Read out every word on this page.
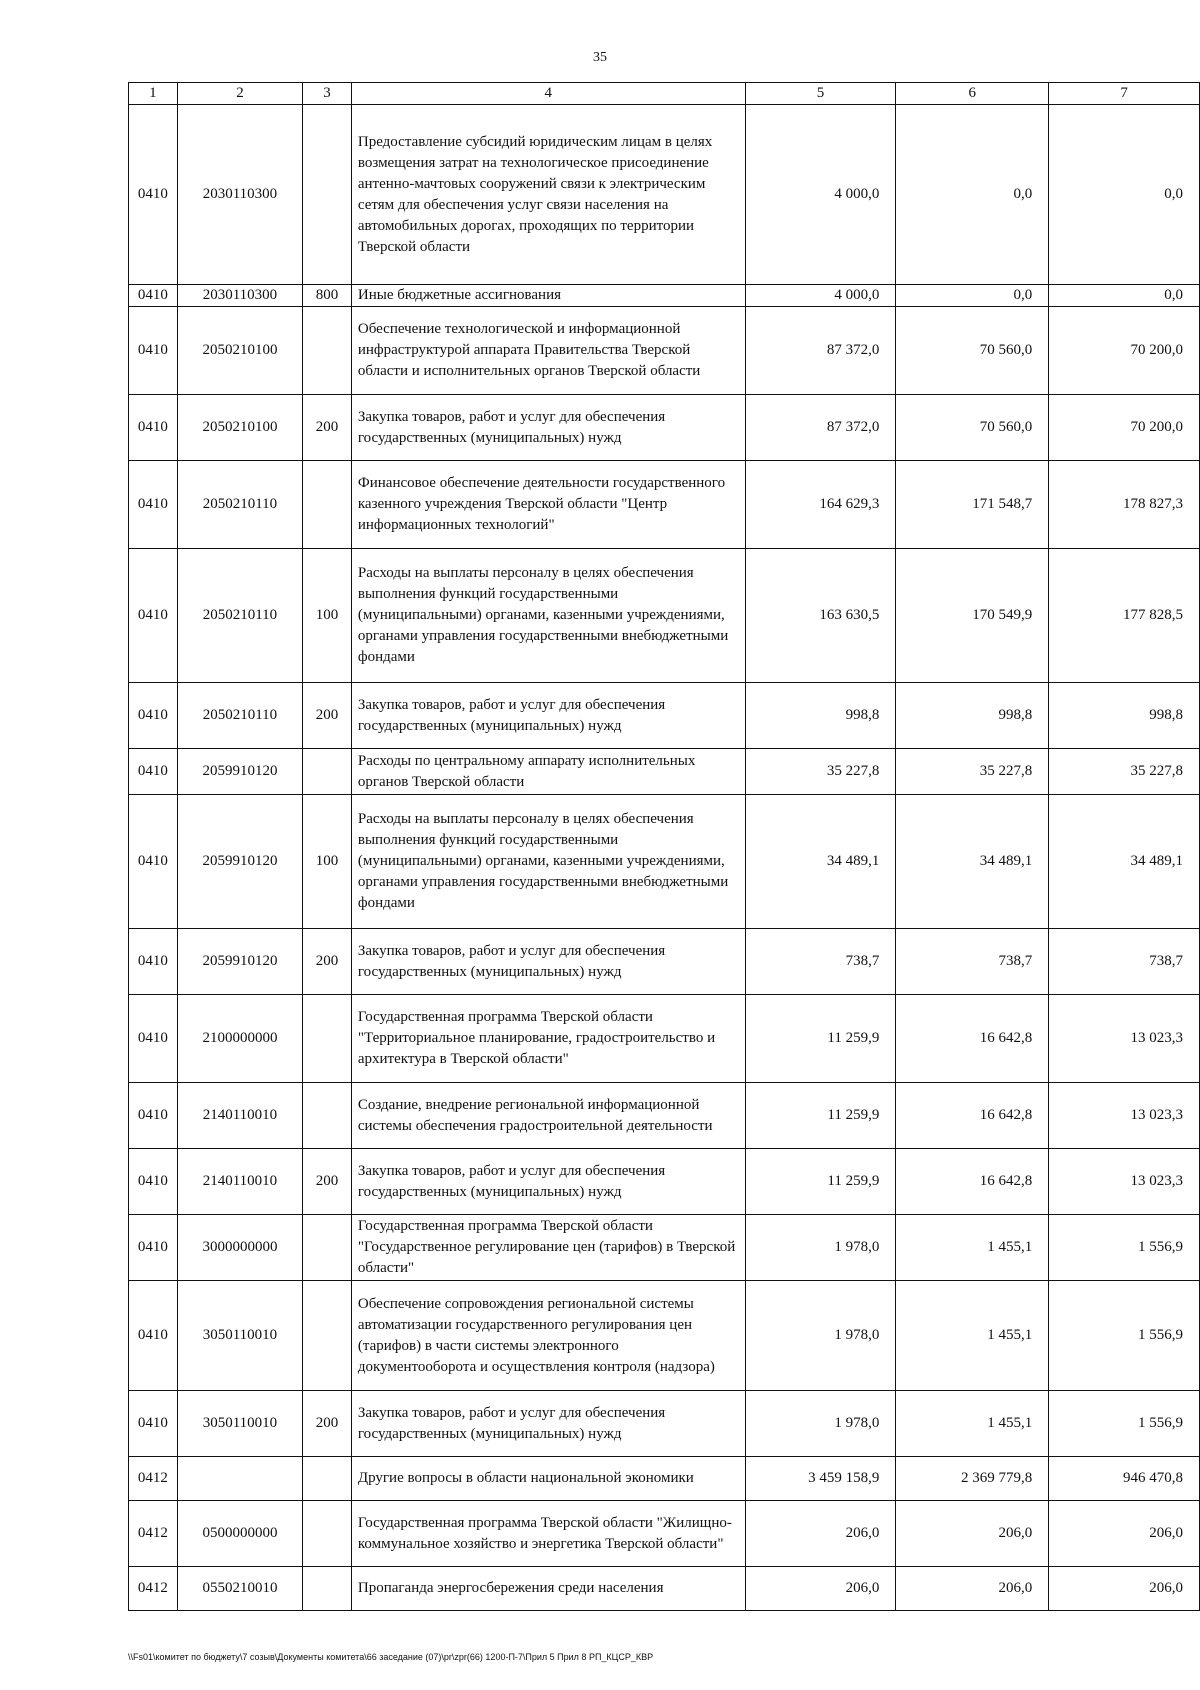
35
1	2	3	4	5	6	7
0410	2030110300		Предоставление субсидий юридическим лицам в целях возмещения затрат на технологическое присоединение антенно-мачтовых сооружений связи к электрическим сетям для обеспечения услуг связи населения на автомобильных дорогах, проходящих по территории Тверской области	4 000,0	0,0	0,0
0410	2030110300	800	Иные бюджетные ассигнования	4 000,0	0,0	0,0
0410	2050210100		Обеспечение технологической и информационной инфраструктурой аппарата Правительства Тверской области и исполнительных органов Тверской области	87 372,0	70 560,0	70 200,0
0410	2050210100	200	Закупка товаров, работ и услуг для обеспечения государственных (муниципальных) нужд	87 372,0	70 560,0	70 200,0
0410	2050210110		Финансовое обеспечение деятельности государственного казенного учреждения Тверской области "Центр информационных технологий"	164 629,3	171 548,7	178 827,3
0410	2050210110	100	Расходы на выплаты персоналу в целях обеспечения выполнения функций государственными (муниципальными) органами, казенными учреждениями, органами управления государственными внебюджетными фондами	163 630,5	170 549,9	177 828,5
0410	2050210110	200	Закупка товаров, работ и услуг для обеспечения государственных (муниципальных) нужд	998,8	998,8	998,8
0410	2059910120		Расходы по центральному аппарату исполнительных органов Тверской области	35 227,8	35 227,8	35 227,8
0410	2059910120	100	Расходы на выплаты персоналу в целях обеспечения выполнения функций государственными (муниципальными) органами, казенными учреждениями, органами управления государственными внебюджетными фондами	34 489,1	34 489,1	34 489,1
0410	2059910120	200	Закупка товаров, работ и услуг для обеспечения государственных (муниципальных) нужд	738,7	738,7	738,7
0410	2100000000		Государственная программа Тверской области "Территориальное планирование, градостроительство и архитектура в Тверской области"	11 259,9	16 642,8	13 023,3
0410	2140110010		Создание, внедрение региональной информационной системы обеспечения градостроительной деятельности	11 259,9	16 642,8	13 023,3
0410	2140110010	200	Закупка товаров, работ и услуг для обеспечения государственных (муниципальных) нужд	11 259,9	16 642,8	13 023,3
0410	3000000000		Государственная программа Тверской области "Государственное регулирование цен (тарифов) в Тверской области"	1 978,0	1 455,1	1 556,9
0410	3050110010		Обеспечение сопровождения региональной системы автоматизации государственного регулирования цен (тарифов) в части системы электронного документооборота и осуществления контроля (надзора)	1 978,0	1 455,1	1 556,9
0410	3050110010	200	Закупка товаров, работ и услуг для обеспечения государственных (муниципальных) нужд	1 978,0	1 455,1	1 556,9
0412			Другие вопросы в области национальной экономики	3 459 158,9	2 369 779,8	946 470,8
0412	0500000000		Государственная программа Тверской области "Жилищно-коммунальное хозяйство и энергетика Тверской области"	206,0	206,0	206,0
0412	0550210010		Пропаганда энергосбережения среди населения	206,0	206,0	206,0
\\Fs01\комитет по бюджету\7 созыв\Документы комитета\66 заседание (07)\pr\zpr(66) 1200-П-7\Прил 5 Прил 8 РП_КЦСР_КВР
